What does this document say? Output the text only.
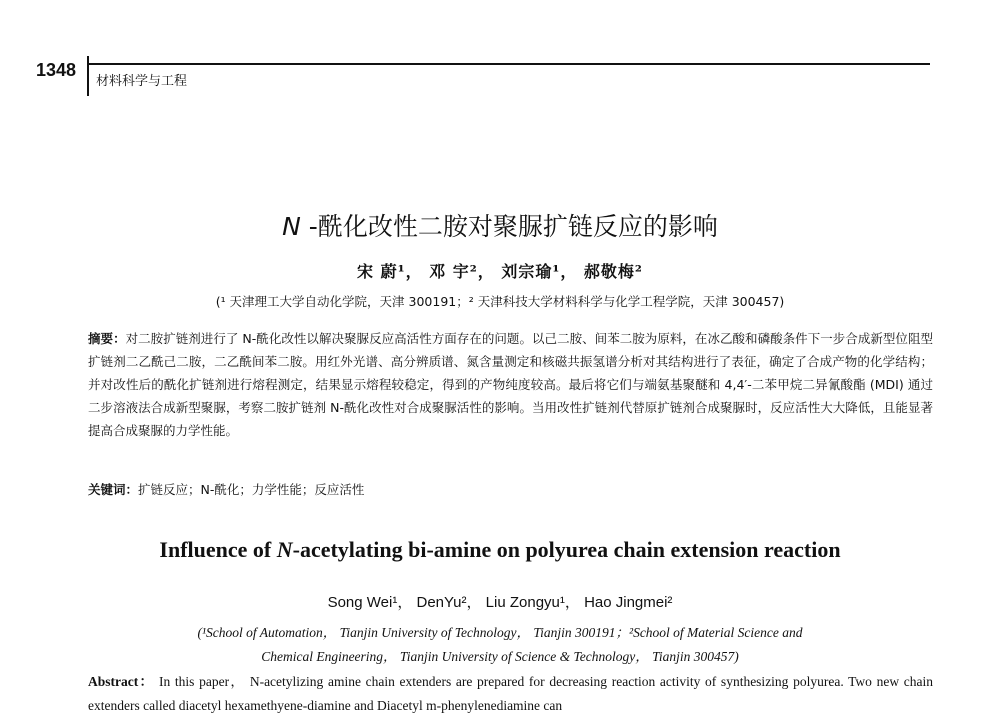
1348
材料科学与工程
N -酰化改性二胺对聚脲扩链反应的影响
宋 蔚¹， 邓 宇²， 刘宗瑜¹， 郝敬梅²
(¹ 天津理工大学自动化学院，天津 300191；² 天津科技大学材料科学与化学工程学院，天津 300457)
摘要：对二胺扩链剂进行了 N-酰化改性以解决聚脲反应高活性方面存在的问题。以己二胺、间苯二胺为原料，在冰乙酸和磷酸条件下一步合成新型位阻型扩链剂二乙酰己二胺，二乙酰间苯二胺。用红外光谱、高分辨质谱、氮含量测定和核磁共振氢谱分析对其结构进行了表征，确定了合成产物的化学结构；并对改性后的酰化扩链剂进行熔程测定，结果显示熔程较稳定，得到的产物纯度较高。最后将它们与端氨基聚醚和 4,4′-二苯甲烷二异氰酸酯 (MDI) 通过二步溶液法合成新型聚脲，考察二胺扩链剂 N-酰化改性对合成聚脲活性的影响。当用改性扩链剂代替原扩链剂合成聚脲时，反应活性大大降低，且能显著提高合成聚脲的力学性能。
关键词：扩链反应；N-酰化；力学性能；反应活性
Influence of N-acetylating bi-amine on polyurea chain extension reaction
Song Wei¹， DenYu²， Liu Zongyu¹， Hao Jingmei²
(¹School of Automation， Tianjin University of Technology， Tianjin 300191；²School of Material Science and
Chemical Engineering， Tianjin University of Science & Technology， Tianjin 300457)
Abstract： In this paper， N-acetylizing amine chain extenders are prepared for decreasing reaction activity of synthesizing polyurea. Two new chain extenders called diacetyl hexamethyene-diamine and Diacetyl m-phenylenediamine can
